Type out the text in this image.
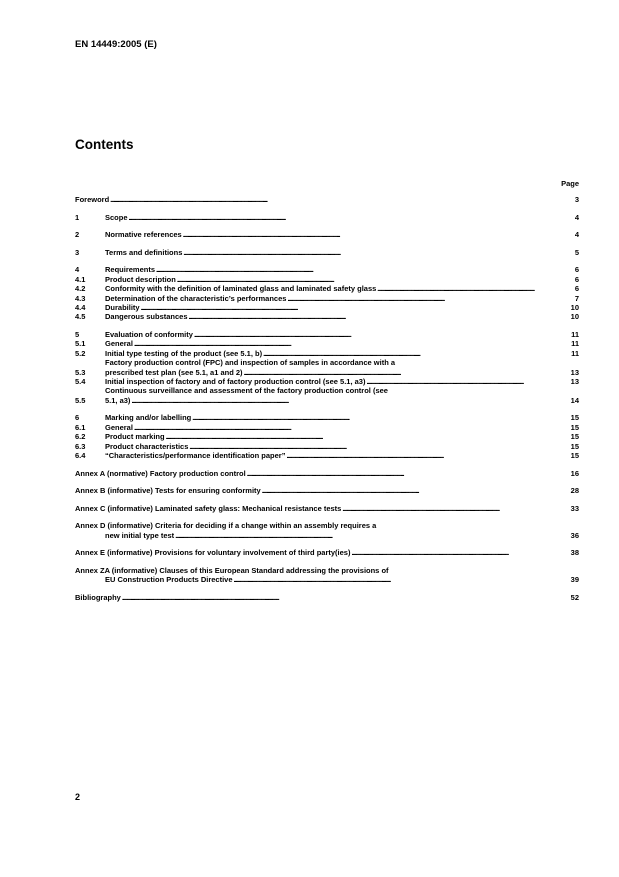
EN 14449:2005 (E)
Contents
Page
Foreword . . .	3
1	Scope . . .	4
2	Normative references . . .	4
3	Terms and definitions . . .	5
4	Requirements . . .	6
4.1	Product description . . .	6
4.2	Conformity with the definition of laminated glass and laminated safety glass . . .	6
4.3	Determination of the characteristic’s performances . . .	7
4.4	Durability . . .	10
4.5	Dangerous substances . . .	10
5	Evaluation of conformity . . .	11
5.1	General . . .	11
5.2	Initial type testing of the product (see 5.1, b) . . .	11
5.3
Factory production control (FPC) and inspection of samples in accordance with a
prescribed test plan (see 5.1, a1 and 2) . . .	13
5.4	Initial inspection of factory and of factory production control (see 5.1, a3) . . .	13
5.5
Continuous surveillance and assessment of the factory production control (see
5.1, a3) . . .	14
6	Marking and/or labelling . . .	15
6.1	General . . .	15
6.2	Product marking . . .	15
6.3	Product characteristics . . .	15
6.4	“Characteristics/performance identification paper” . . .	15
Annex A (normative) Factory production control . . .	16
Annex B (informative) Tests for ensuring conformity . . .	28
Annex C (informative) Laminated safety glass: Mechanical resistance tests . . .	33
Annex D (informative) Criteria for deciding if a change within an assembly requires a
new initial type test . . .	36
Annex E (informative) Provisions for voluntary involvement of third party(ies) . . .	38
Annex ZA (informative) Clauses of this European Standard addressing the provisions of
EU Construction Products Directive . . .	39
Bibliography . . .	52
2
